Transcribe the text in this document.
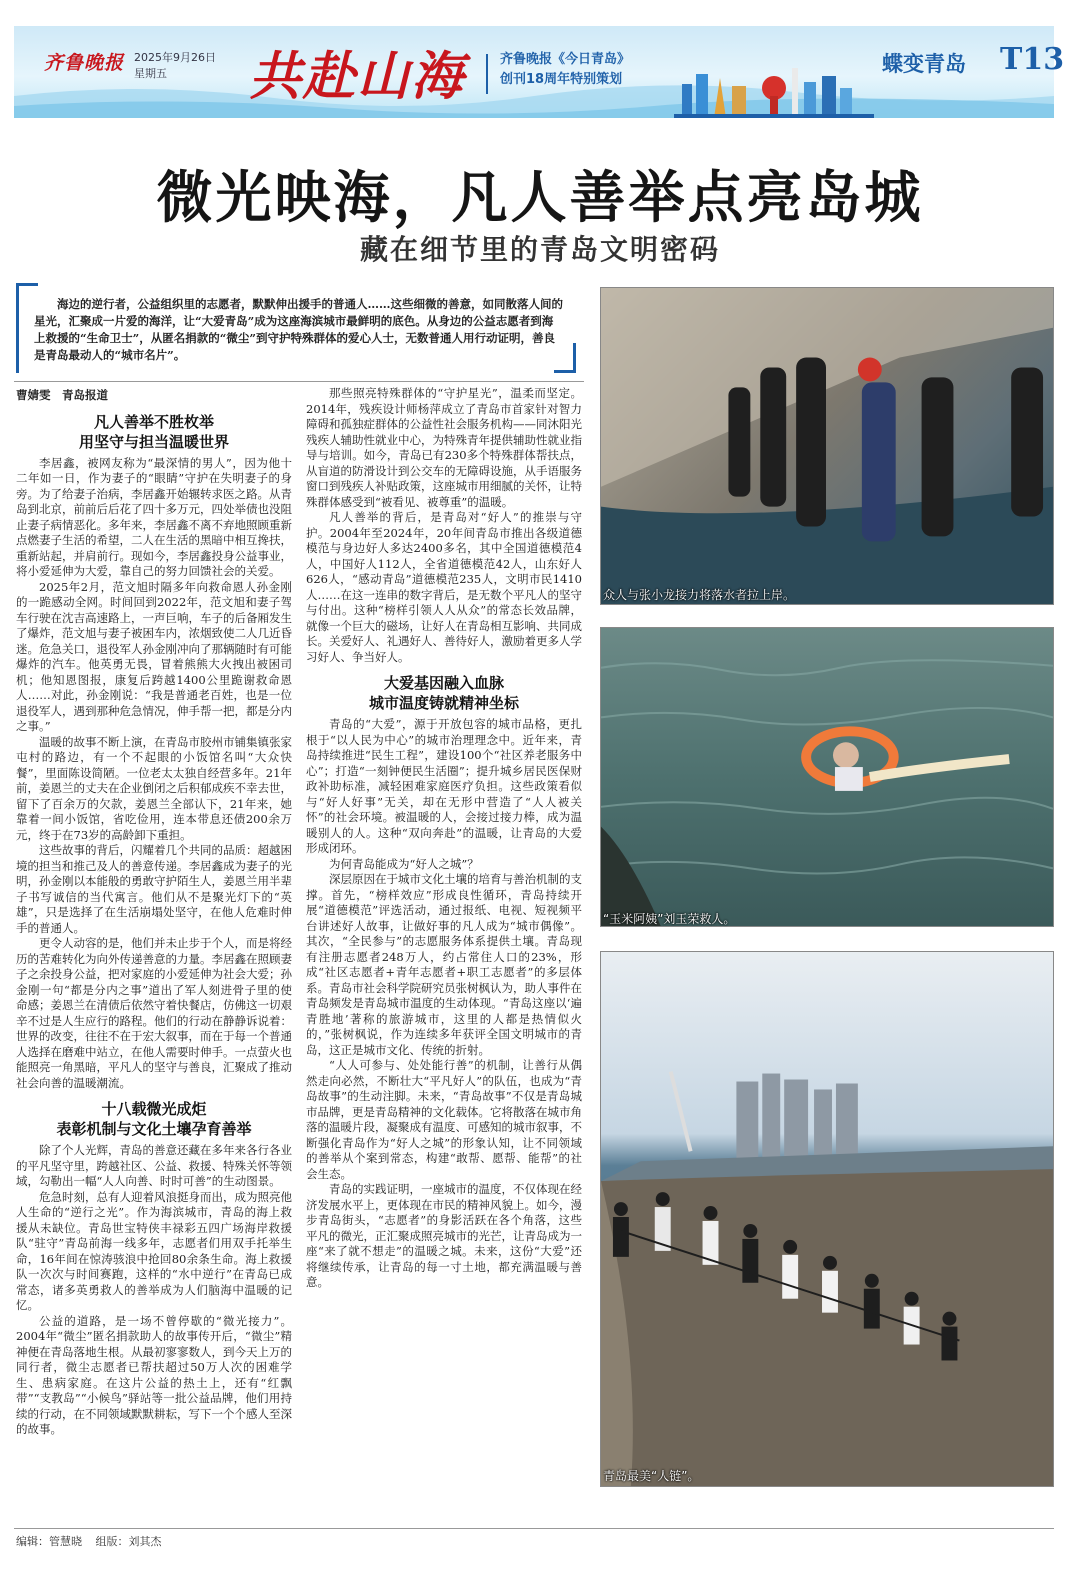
齐鲁晚报 2025年9月26日
星期五	共赴山海	齐鲁晚报《今日青岛》
创刊18周年特别策划
蝶变青岛 T13
微光映海，凡人善举点亮岛城
藏在细节里的青岛文明密码

海边的逆行者，公益组织里的志愿者，默默伸出援手的普通人……这些细微的善意，如同散落人间的星光，汇聚成一片爱的海洋，让“大爱青岛”成为这座海滨城市最鲜明的底色。从身边的公益志愿者到海上救援的“生命卫士”，从匿名捐款的“微尘”到守护特殊群体的爱心人士，无数普通人用行动证明，善良是青岛最动人的“城市名片”。

曹婧雯　青岛报道

凡人善举不胜枚举
用坚守与担当温暖世界

李居鑫，被网友称为“最深情的男人”，因为他十二年如一日，作为妻子的“眼睛”守护在失明妻子的身旁。为了给妻子治病，李居鑫开始辗转求医之路。从青岛到北京，前前后后花了四十多万元，四处举债也没阻止妻子病情恶化。多年来，李居鑫不离不弃地照顾重新点燃妻子生活的希望，二人在生活的黑暗中相互搀扶，重新站起，并肩前行。现如今，李居鑫投身公益事业，将小爱延伸为大爱，靠自己的努力回馈社会的关爱。

2025年2月，范文旭时隔多年向救命恩人孙金刚的一跪感动全网。时间回到2022年，范文旭和妻子驾车行驶在沈吉高速路上，一声巨响，车子的后备厢发生了爆炸，范文旭与妻子被困车内，浓烟致使二人几近昏迷。危急关口，退役军人孙金刚冲向了那辆随时有可能爆炸的汽车。他英勇无畏，冒着熊熊大火拽出被困司机；他知恩图报，康复后跨越1400公里跪谢救命恩人……对此，孙金刚说：“我是普通老百姓，也是一位退役军人，遇到那种危急情况，伸手帮一把，都是分内之事。”

温暖的故事不断上演，在青岛市胶州市铺集镇张家屯村的路边，有一个不起眼的小饭馆名叫“大众快餐”，里面陈设简陋。一位老太太独自经营多年。21年前，姜恩兰的丈夫在企业倒闭之后积郁成疾不幸去世，留下了百余万的欠款，姜恩兰全部认下，21年来，她靠着一间小饭馆，省吃俭用，连本带息还债200余万元，终于在73岁的高龄卸下重担。

这些故事的背后，闪耀着几个共同的品质：超越困境的担当和推己及人的善意传递。李居鑫成为妻子的光明，孙金刚以本能般的勇敢守护陌生人，姜恩兰用半辈子书写诚信的当代寓言。他们从不是聚光灯下的“英雄”，只是选择了在生活崩塌处坚守，在他人危难时伸手的普通人。

更令人动容的是，他们并未止步于个人，而是将经历的苦难转化为向外传递善意的力量。李居鑫在照顾妻子之余投身公益，把对家庭的小爱延伸为社会大爱；孙金刚一句“都是分内之事”道出了军人刻进骨子里的使命感；姜恩兰在清债后依然守着快餐店，仿佛这一切艰辛不过是人生应行的路程。他们的行动在静静诉说着：世界的改变，往往不在于宏大叙事，而在于每一个普通人选择在磨难中站立，在他人需要时伸手。一点萤火也能照亮一角黑暗，平凡人的坚守与善良，汇聚成了推动社会向善的温暖潮流。

十八载微光成炬
表彰机制与文化土壤孕育善举

除了个人光辉，青岛的善意还藏在多年来各行各业的平凡坚守里，跨越社区、公益、救援、特殊关怀等领域，勾勒出一幅“人人向善、时时可善”的生动图景。

危急时刻，总有人迎着风浪挺身而出，成为照亮他人生命的“逆行之光”。作为海滨城市，青岛的海上救援从未缺位。青岛世宝特侠丰禄彩五四广场海岸救援队“驻守”青岛前海一线多年，志愿者们用双手托举生命，16年间在惊涛骇浪中抢回80余条生命。海上救援队一次次与时间赛跑，这样的“水中逆行”在青岛已成常态，诸多英勇救人的善举成为人们脑海中温暖的记忆。

公益的道路，是一场不曾停歇的“微光接力”。2004年“微尘”匿名捐款助人的故事传开后，“微尘”精神便在青岛落地生根。从最初寥寥数人，到今天上万的同行者，微尘志愿者已帮扶超过50万人次的困难学生、患病家庭。在这片公益的热土上，还有“红飘带”“支教岛”“小候鸟”驿站等一批公益品牌，他们用持续的行动，在不同领域默默耕耘，写下一个个感人至深的故事。

那些照亮特殊群体的“守护星光”，温柔而坚定。2014年，残疾设计师杨萍成立了青岛市首家针对智力障碍和孤独症群体的公益性社会服务机构——同沐阳光残疾人辅助性就业中心，为特殊青年提供辅助性就业指导与培训。如今，青岛已有230多个特殊群体帮扶点，从盲道的防滑设计到公交车的无障碍设施，从手语服务窗口到残疾人补贴政策，这座城市用细腻的关怀，让特殊群体感受到“被看见、被尊重”的温暖。

凡人善举的背后，是青岛对“好人”的推崇与守护。2004年至2024年，20年间青岛市推出各级道德模范与身边好人多达2400多名，其中全国道德模范4人，中国好人112人，全省道德模范42人，山东好人626人，“感动青岛”道德模范235人，文明市民1410人……在这一连串的数字背后，是无数个平凡人的坚守与付出。这种“榜样引领人人从众”的常态长效品牌，就像一个巨大的磁场，让好人在青岛相互影响、共同成长。关爱好人、礼遇好人、善待好人，激励着更多人学习好人、争当好人。

大爱基因融入血脉
城市温度铸就精神坐标

青岛的“大爱”，源于开放包容的城市品格，更扎根于“以人民为中心”的城市治理理念中。近年来，青岛持续推进“民生工程”，建设100个“社区养老服务中心”；打造“一刻钟便民生活圈”；提升城乡居民医保财政补助标准，减轻困难家庭医疗负担。这些政策看似与“好人好事”无关，却在无形中营造了“人人被关怀”的社会环境。被温暖的人，会接过接力棒，成为温暖别人的人。这种“双向奔赴”的温暖，让青岛的大爱形成闭环。

为何青岛能成为“好人之城”？

深层原因在于城市文化土壤的培育与善治机制的支撑。首先，“榜样效应”形成良性循环，青岛持续开展“道德模范”评选活动，通过报纸、电视、短视频平台讲述好人故事，让做好事的凡人成为“城市偶像”。其次，“全民参与”的志愿服务体系提供土壤。青岛现有注册志愿者248万人，约占常住人口的23%，形成“社区志愿者+青年志愿者+职工志愿者”的多层体系。青岛市社会科学院研究员张树枫认为，助人事件在青岛频发是青岛城市温度的生动体现。“青岛这座以‘遍青胜地’著称的旅游城市，这里的人都是热情似火的，”张树枫说，作为连续多年获评全国文明城市的青岛，这正是城市文化、传统的折射。

“人人可参与、处处能行善”的机制，让善行从偶然走向必然，不断壮大“平凡好人”的队伍，也成为“青岛故事”的生动注脚。未来，“青岛故事”不仅是青岛城市品牌，更是青岛精神的文化载体。它将散落在城市角落的温暖片段，凝聚成有温度、可感知的城市叙事，不断强化青岛作为“好人之城”的形象认知，让不同领域的善举从个案到常态，构建“敢帮、愿帮、能帮”的社会生态。

青岛的实践证明，一座城市的温度，不仅体现在经济发展水平上，更体现在市民的精神风貌上。如今，漫步青岛街头，“志愿者”的身影活跃在各个角落，这些平凡的微光，正汇聚成照亮城市的光芒，让青岛成为一座“来了就不想走”的温暖之城。未来，这份“大爱”还将继续传承，让青岛的每一寸土地，都充满温暖与善意。

众人与张小龙接力将落水者拉上岸。
“玉米阿姨”刘玉荣救人。
青岛最美“人链”。
编辑：管慧晓 组版：刘其杰
